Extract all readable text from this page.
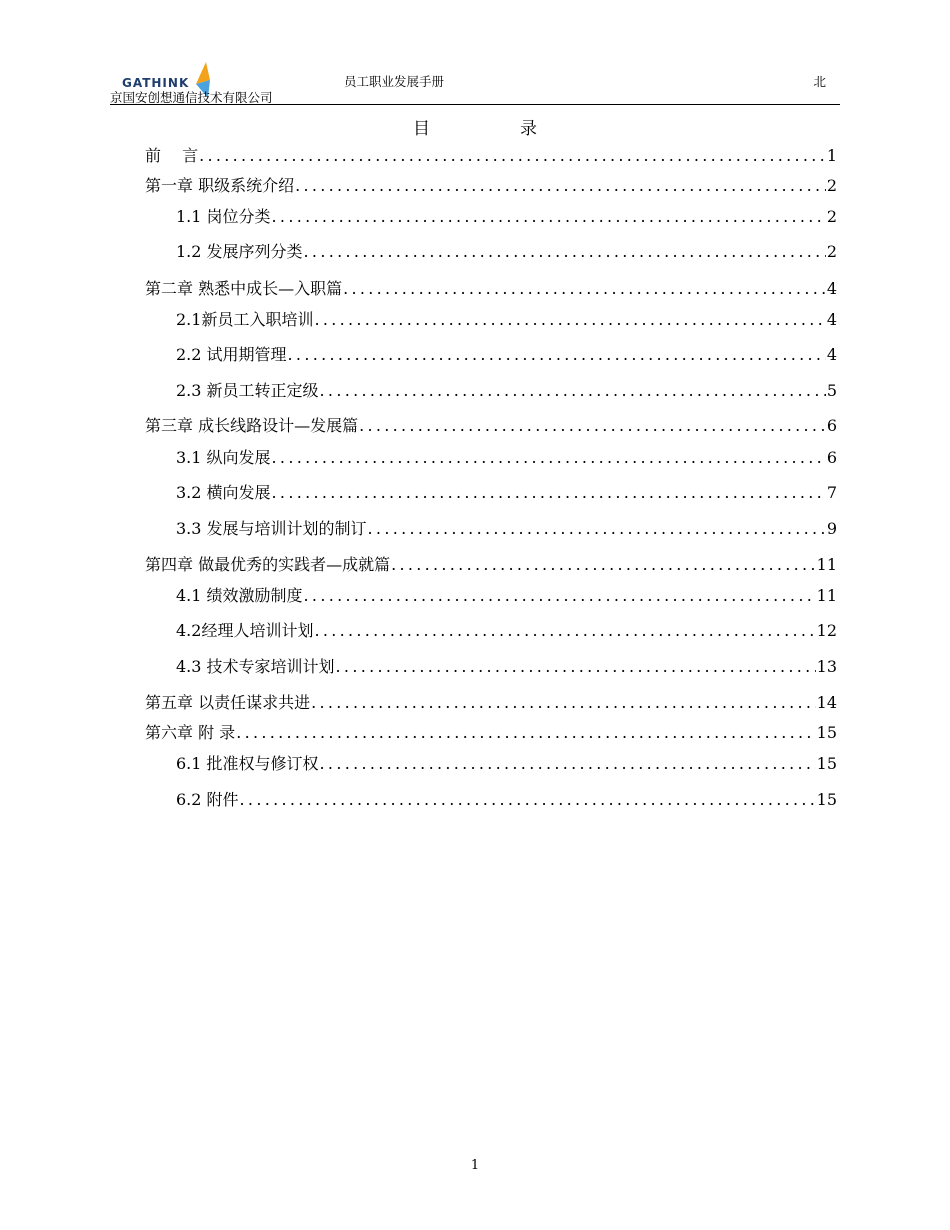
GATHINK
京国安创想通信技术有限公司
员工职业发展手册	北
目	录
前　 言 .....	1
第一章 职级系统介绍 .....	2
1.1 岗位分类 .....	2
1.2 发展序列分类 .....	2
第二章 熟悉中成长—入职篇 .....	4
2.1新员工入职培训 .....	4
2.2 试用期管理 .....	4
2.3 新员工转正定级 .....	5
第三章 成长线路设计—发展篇 .....	6
3.1 纵向发展 .....	6
3.2 横向发展 .....	7
3.3 发展与培训计划的制订 .....	9
第四章 做最优秀的实践者—成就篇 .....	11
4.1 绩效激励制度 .....	11
4.2经理人培训计划 .....	12
4.3 技术专家培训计划 .....	13
第五章 以责任谋求共进 .....	14
第六章 附 录 .....	15
6.1 批准权与修订权 .....	15
6.2 附件 .....	15
1
